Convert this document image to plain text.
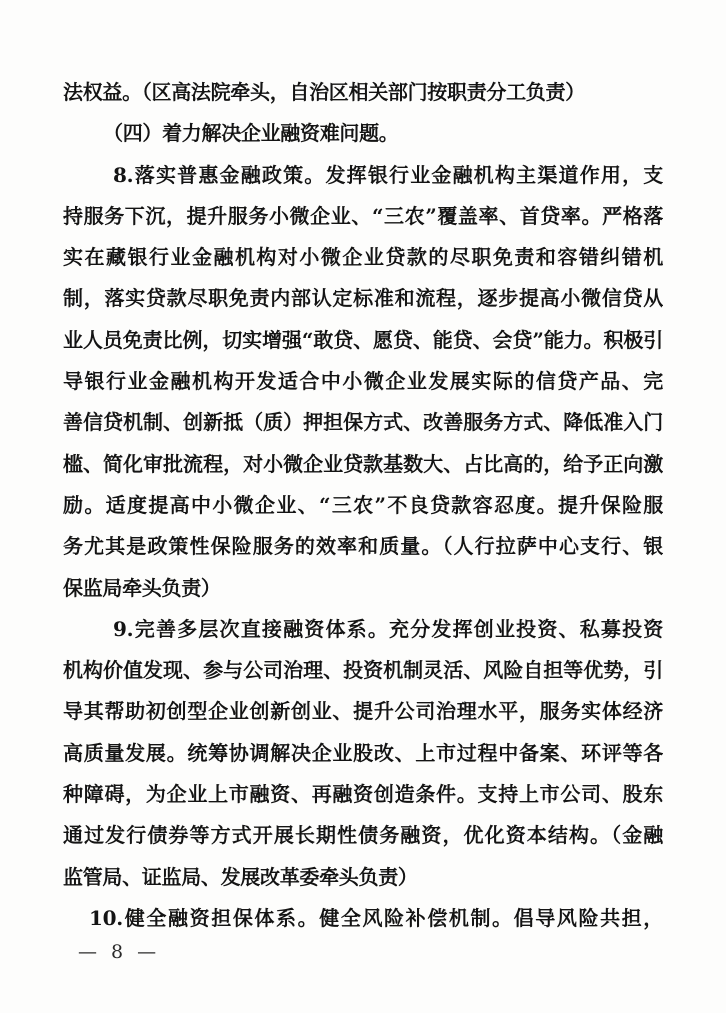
法权益。（区高法院牵头，自治区相关部门按职责分工负责）
（四）着力解决企业融资难问题。
8.落实普惠金融政策。发挥银行业金融机构主渠道作用，支
持服务下沉，提升服务小微企业、“三农”覆盖率、首贷率。严格落
实在藏银行业金融机构对小微企业贷款的尽职免责和容错纠错机
制，落实贷款尽职免责内部认定标准和流程，逐步提高小微信贷从
业人员免责比例，切实增强“敢贷、愿贷、能贷、会贷”能力。积极引
导银行业金融机构开发适合中小微企业发展实际的信贷产品、完
善信贷机制、创新抵（质）押担保方式、改善服务方式、降低准入门
槛、简化审批流程，对小微企业贷款基数大、占比高的，给予正向激
励。适度提高中小微企业、“三农”不良贷款容忍度。提升保险服
务尤其是政策性保险服务的效率和质量。（人行拉萨中心支行、银
保监局牵头负责）
9.完善多层次直接融资体系。充分发挥创业投资、私募投资
机构价值发现、参与公司治理、投资机制灵活、风险自担等优势，引
导其帮助初创型企业创新创业、提升公司治理水平，服务实体经济
高质量发展。统筹协调解决企业股改、上市过程中备案、环评等各
种障碍，为企业上市融资、再融资创造条件。支持上市公司、股东
通过发行债券等方式开展长期性债务融资，优化资本结构。（金融
监管局、证监局、发展改革委牵头负责）
10.健全融资担保体系。健全风险补偿机制。倡导风险共担，
— 8 —
